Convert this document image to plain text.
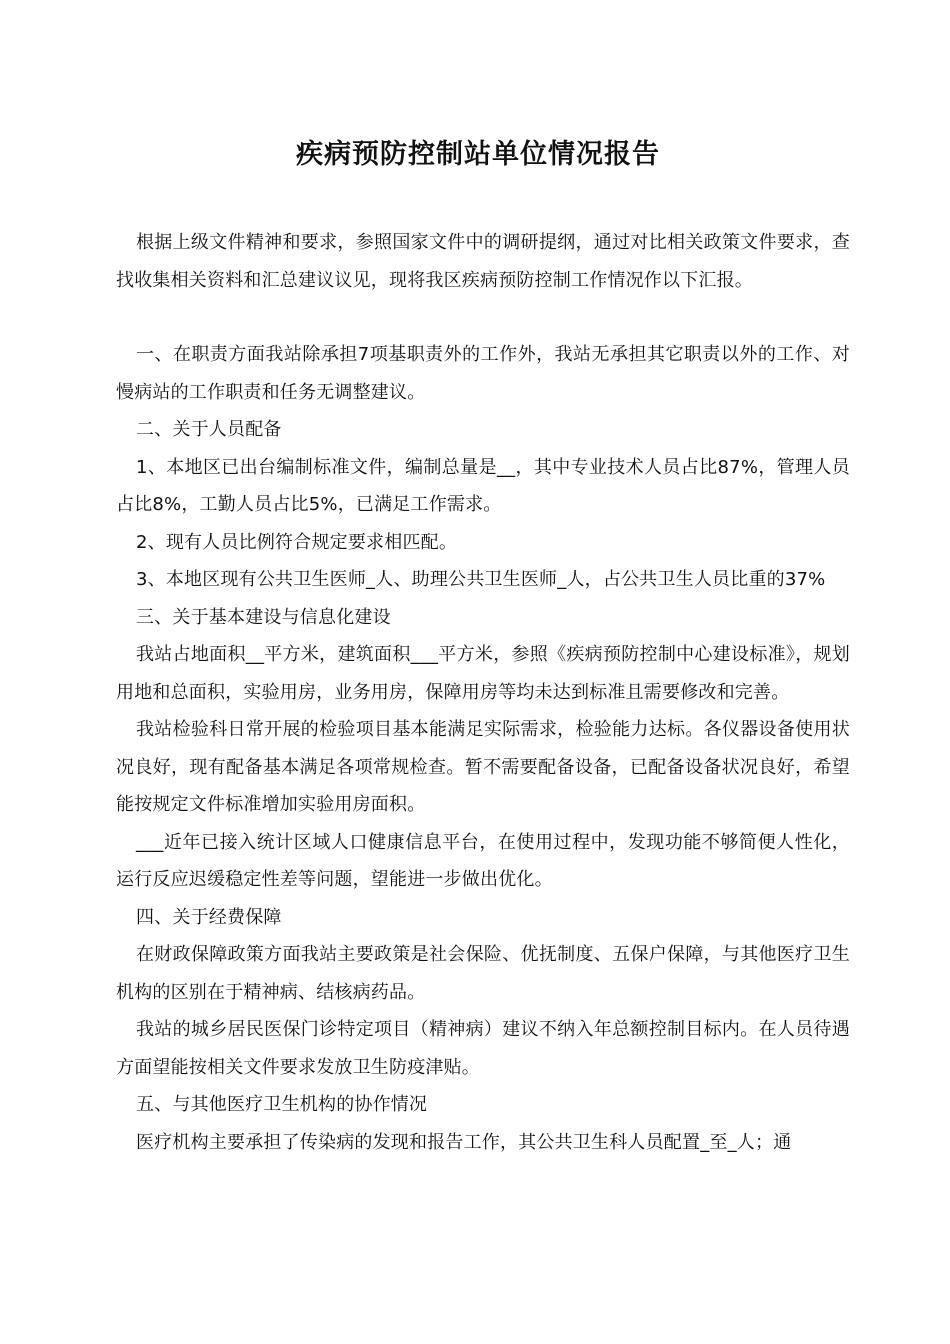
疾病预防控制站单位情况报告

根据上级文件精神和要求，参照国家文件中的调研提纲，通过对比相关政策文件要求，查找收集相关资料和汇总建议议见，现将我区疾病预防控制工作情况作以下汇报。

一、在职责方面我站除承担7项基职责外的工作外，我站无承担其它职责以外的工作、对慢病站的工作职责和任务无调整建议。

二、关于人员配备

1、本地区已出台编制标准文件，编制总量是__，其中专业技术人员占比87%，管理人员占比8%，工勤人员占比5%，已满足工作需求。

2、现有人员比例符合规定要求相匹配。

3、本地区现有公共卫生医师_人、助理公共卫生医师_人，占公共卫生人员比重的37%

三、关于基本建设与信息化建设

我站占地面积__平方米，建筑面积___平方米，参照《疾病预防控制中心建设标准》，规划用地和总面积，实验用房，业务用房，保障用房等均未达到标准且需要修改和完善。

我站检验科日常开展的检验项目基本能满足实际需求，检验能力达标。各仪器设备使用状况良好，现有配备基本满足各项常规检查。暂不需要配备设备，已配备设备状况良好，希望能按规定文件标准增加实验用房面积。

___近年已接入统计区域人口健康信息平台，在使用过程中，发现功能不够简便人性化，运行反应迟缓稳定性差等问题，望能进一步做出优化。

四、关于经费保障

在财政保障政策方面我站主要政策是社会保险、优抚制度、五保户保障，与其他医疗卫生机构的区别在于精神病、结核病药品。

我站的城乡居民医保门诊特定项目（精神病）建议不纳入年总额控制目标内。在人员待遇方面望能按相关文件要求发放卫生防疫津贴。

五、与其他医疗卫生机构的协作情况

医疗机构主要承担了传染病的发现和报告工作，其公共卫生科人员配置_至_人；通
